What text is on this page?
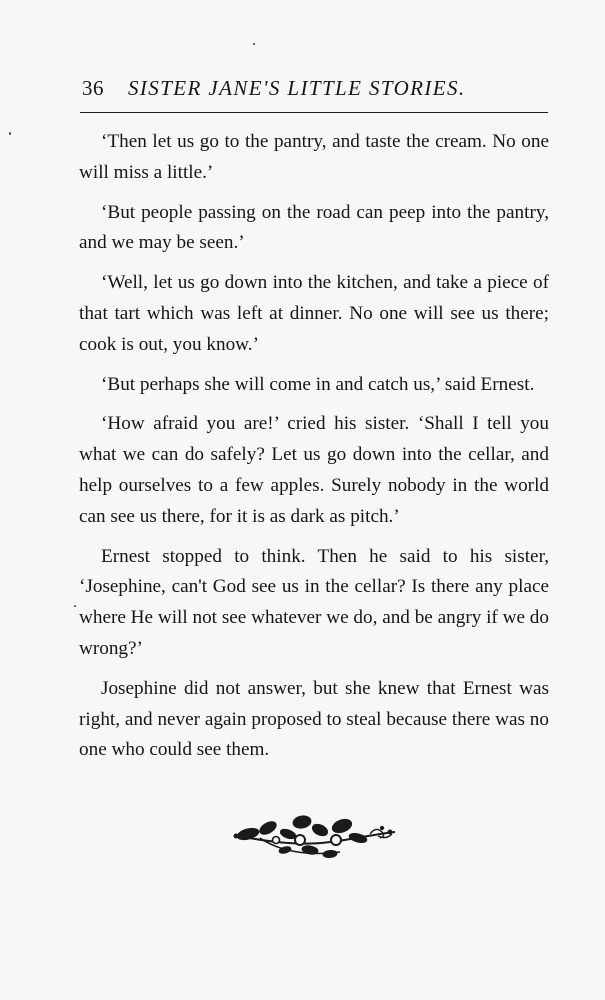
36 SISTER JANE'S LITTLE STORIES.

‘Then let us go to the pantry, and taste the cream. No one will miss a little.’

‘But people passing on the road can peep into the pantry, and we may be seen.’

‘Well, let us go down into the kitchen, and take a piece of that tart which was left at dinner. No one will see us there; cook is out, you know.’

‘But perhaps she will come in and catch us,’ said Ernest.

‘How afraid you are!’ cried his sister. ‘Shall I tell you what we can do safely? Let us go down into the cellar, and help ourselves to a few apples. Surely nobody in the world can see us there, for it is as dark as pitch.’

Ernest stopped to think. Then he said to his sister, ‘Josephine, can't God see us in the cellar? Is there any place where He will not see whatever we do, and be angry if we do wrong?’

Josephine did not answer, but she knew that Ernest was right, and never again proposed to steal because there was no one who could see them.
